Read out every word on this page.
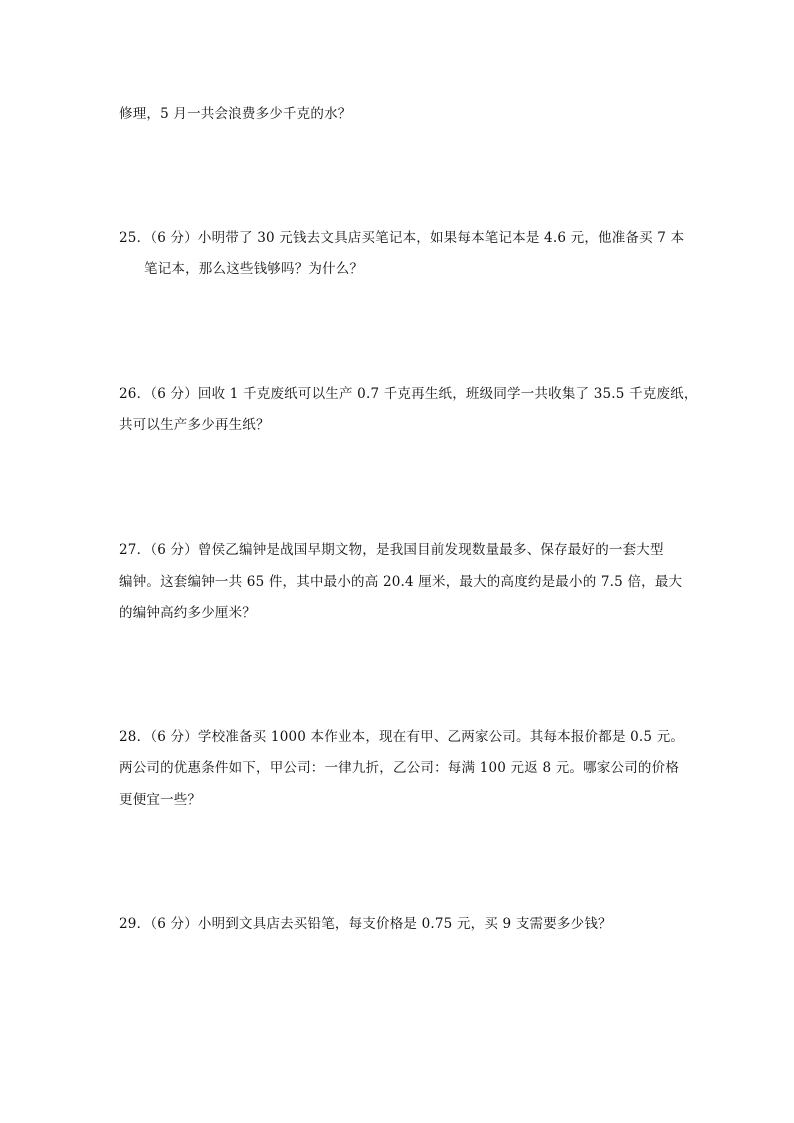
修理，5 月一共会浪费多少千克的水？
25．（6 分）小明带了 30 元钱去文具店买笔记本，如果每本笔记本是 4.6 元，他准备买 7 本
笔记本，那么这些钱够吗？为什么？
26．（6 分）回收 1 千克废纸可以生产 0.7 千克再生纸，班级同学一共收集了 35.5 千克废纸，
共可以生产多少再生纸？
27．（6 分）曾侯乙编钟是战国早期文物，是我国目前发现数量最多、保存最好的一套大型
编钟。这套编钟一共 65 件，其中最小的高 20.4 厘米，最大的高度约是最小的 7.5 倍，最大
的编钟高约多少厘米？
28．（6 分）学校准备买 1000 本作业本，现在有甲、乙两家公司。其每本报价都是 0.5 元。
两公司的优惠条件如下，甲公司：一律九折，乙公司：每满 100 元返 8 元。哪家公司的价格
更便宜一些？
29．（6 分）小明到文具店去买铅笔，每支价格是 0.75 元，买 9 支需要多少钱？
